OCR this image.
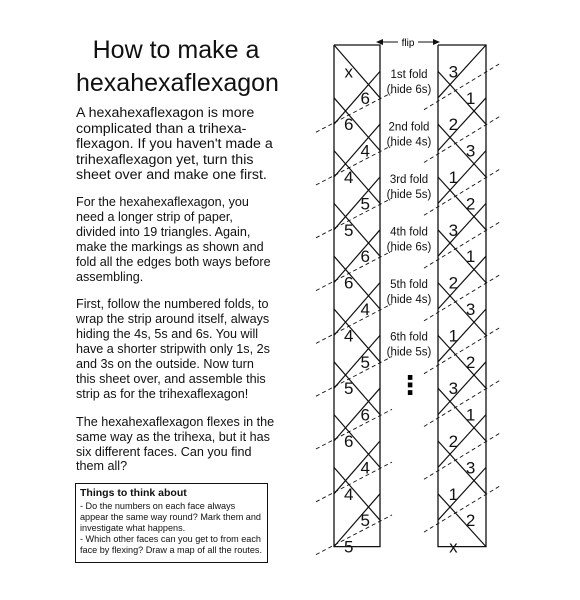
How to make a
hexahexaflexagon

A hexahexaflexagon is more complicated than a trihexa-flexagon. If you haven't made a trihexaflexagon yet, turn this sheet over and make one first.

For the hexahexaflexagon, you need a longer strip of paper, divided into 19 triangles. Again, make the markings as shown and fold all the edges both ways before assembling.

First, follow the numbered folds, to wrap the strip around itself, always hiding the 4s, 5s and 6s. You will have a shorter stripwith only 1s, 2s and 3s on the outside. Now turn this sheet over, and assemble this strip as for the trihexaflexagon!

The hexahexaflexagon flexes in the same way as the trihexa, but it has six different faces. Can you find them all?

Things to think about
- Do the numbers on each face always appear the same way round? Mark them and investigate what happens.
- Which other faces can you get to from each face by flexing? Draw a map of all the routes.
x
6
6
4
4
5
5
6
6
4
4
5
5
6
6
4
4
5
5
3
1
2
3
1
2
3
1
2
3
1
2
3
1
2
3
1
2
x
1st fold
(hide 6s)
2nd fold
(hide 4s)
3rd fold
(hide 5s)
4th fold
(hide 6s)
5th fold
(hide 4s)
6th fold
(hide 5s)
flip
⋮
